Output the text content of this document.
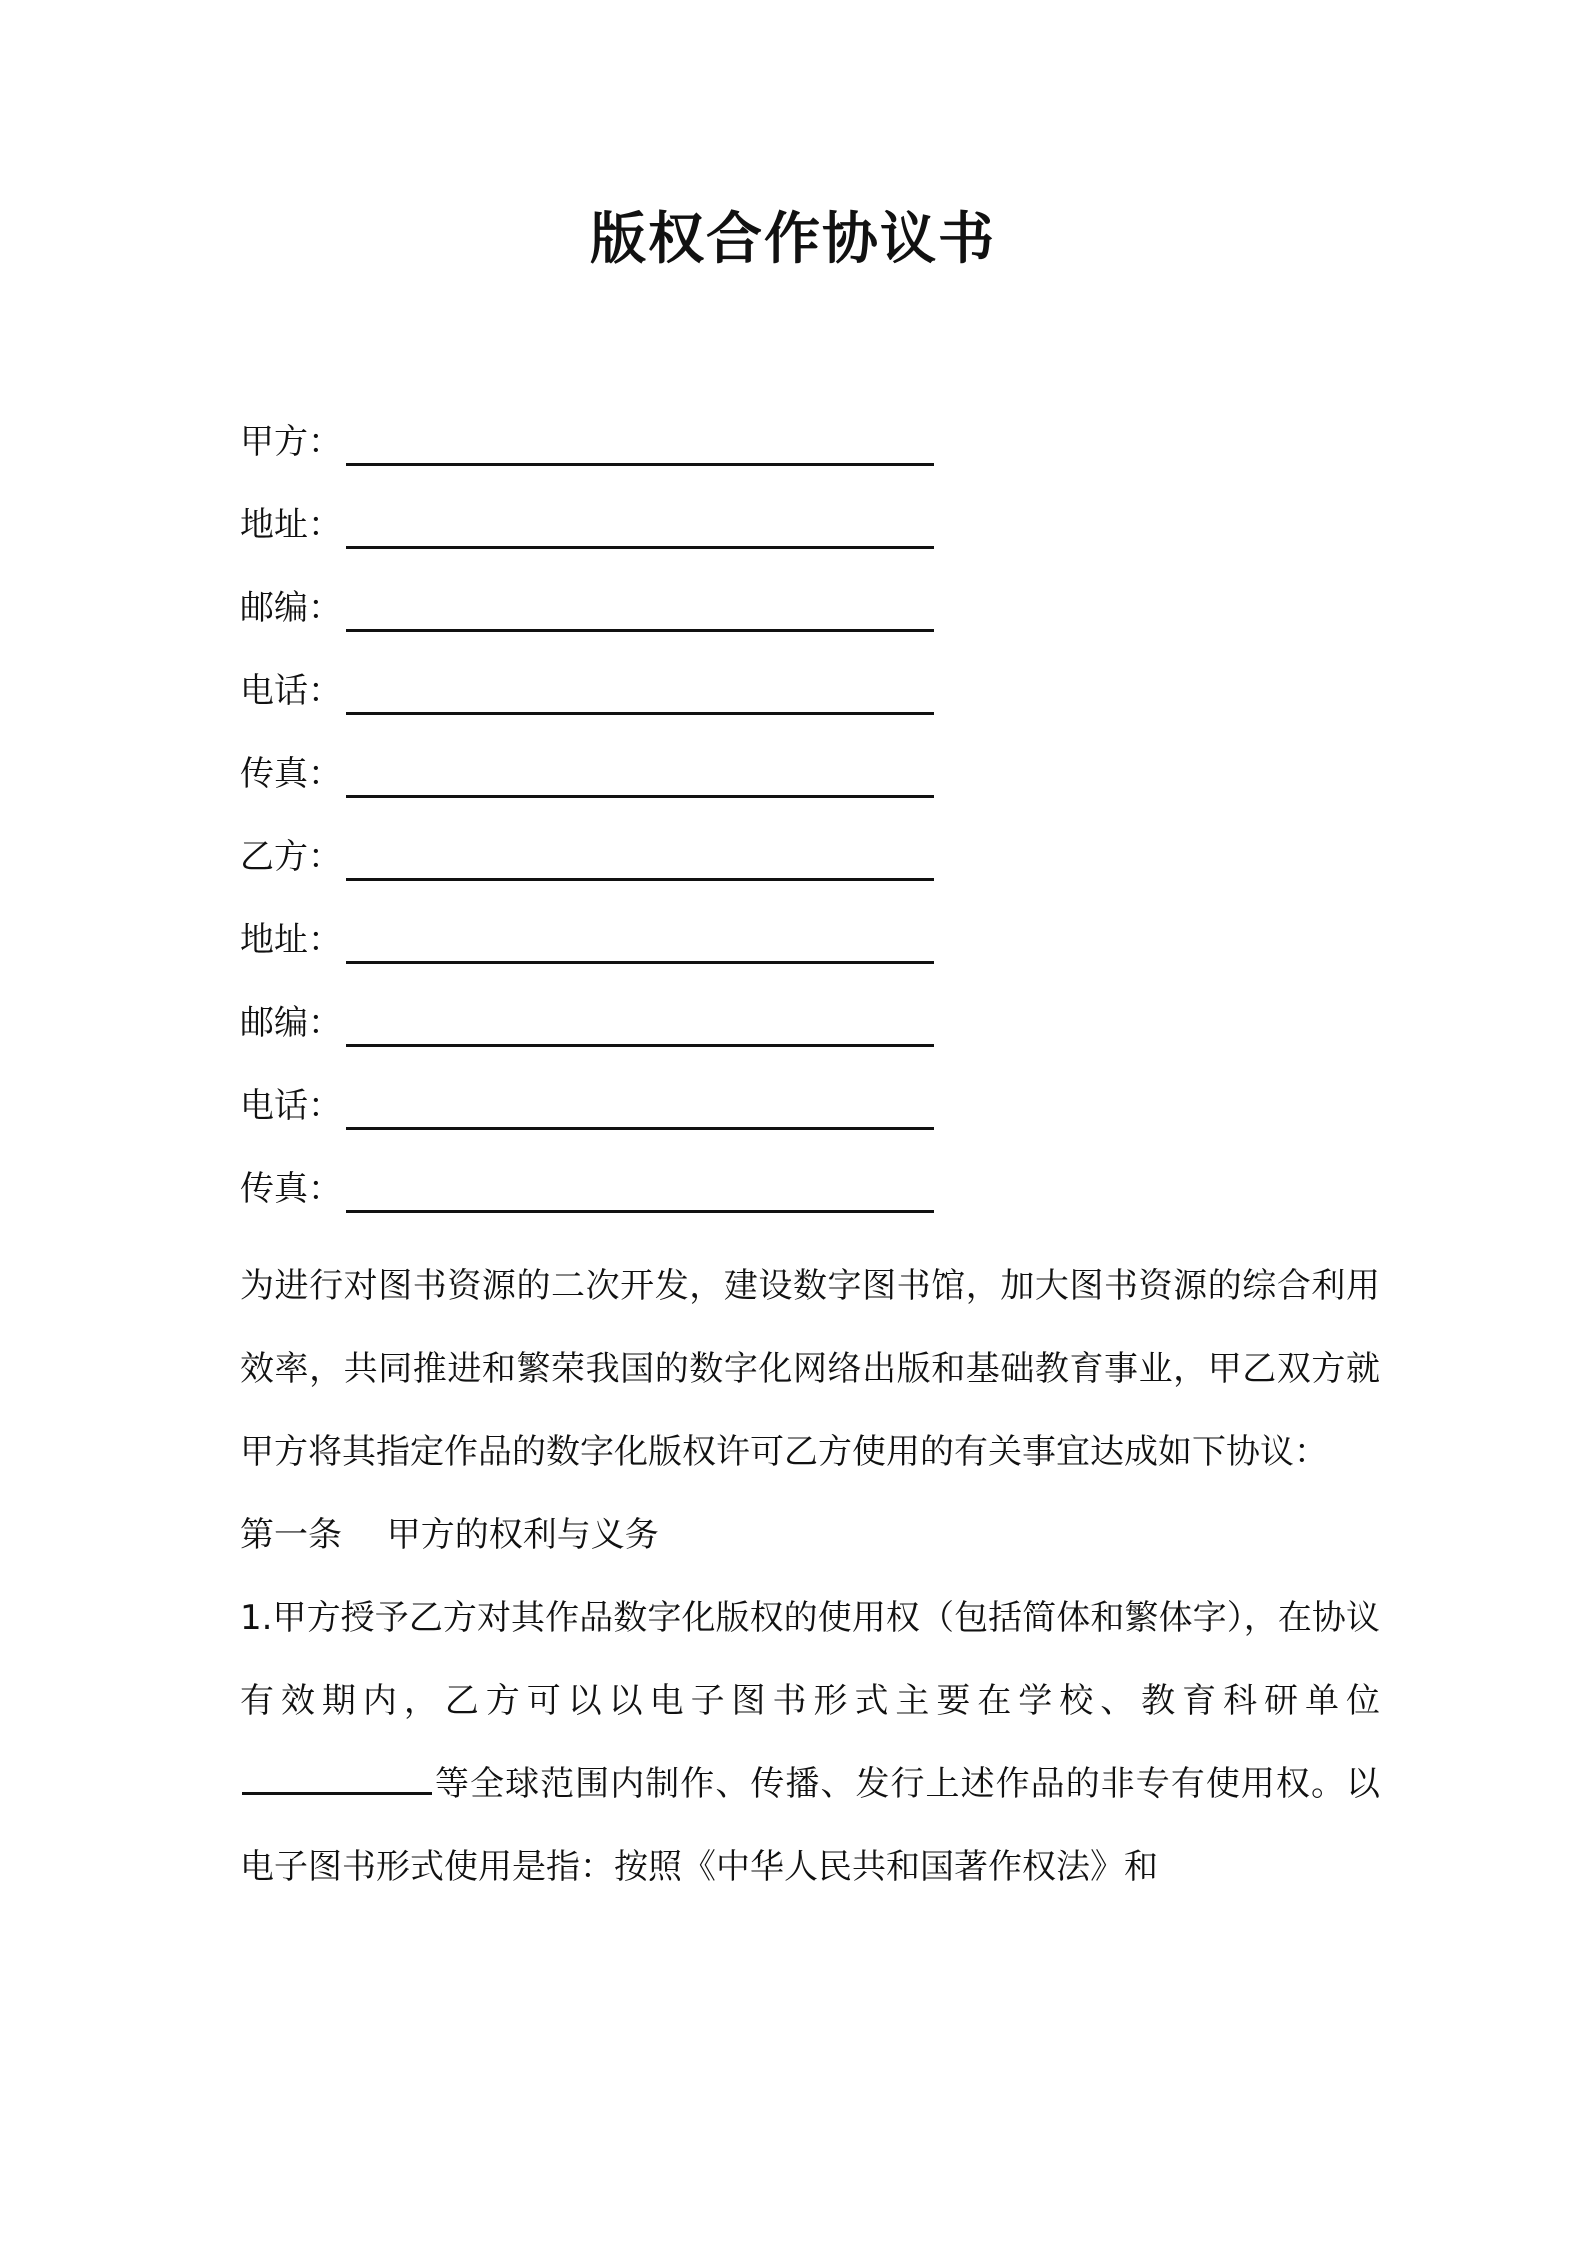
版权合作协议书
甲方：
地址：
邮编：
电话：
传真：
乙方：
地址：
邮编：
电话：
传真：

为进行对图书资源的二次开发，建设数字图书馆，加大图书资源的综合利用效率，共同推进和繁荣我国的数字化网络出版和基础教育事业，甲乙双方就甲方将其指定作品的数字化版权许可乙方使用的有关事宜达成如下协议：

第一条　 甲方的权利与义务

1.甲方授予乙方对其作品数字化版权的使用权（包括简体和繁体字），在协议有效期内，乙方可以以电子图书形式主要在学校、教育科研单位等全球范围内制作、传播、发行上述作品的非专有使用权。以电子图书形式使用是指：按照《中华人民共和国著作权法》和
